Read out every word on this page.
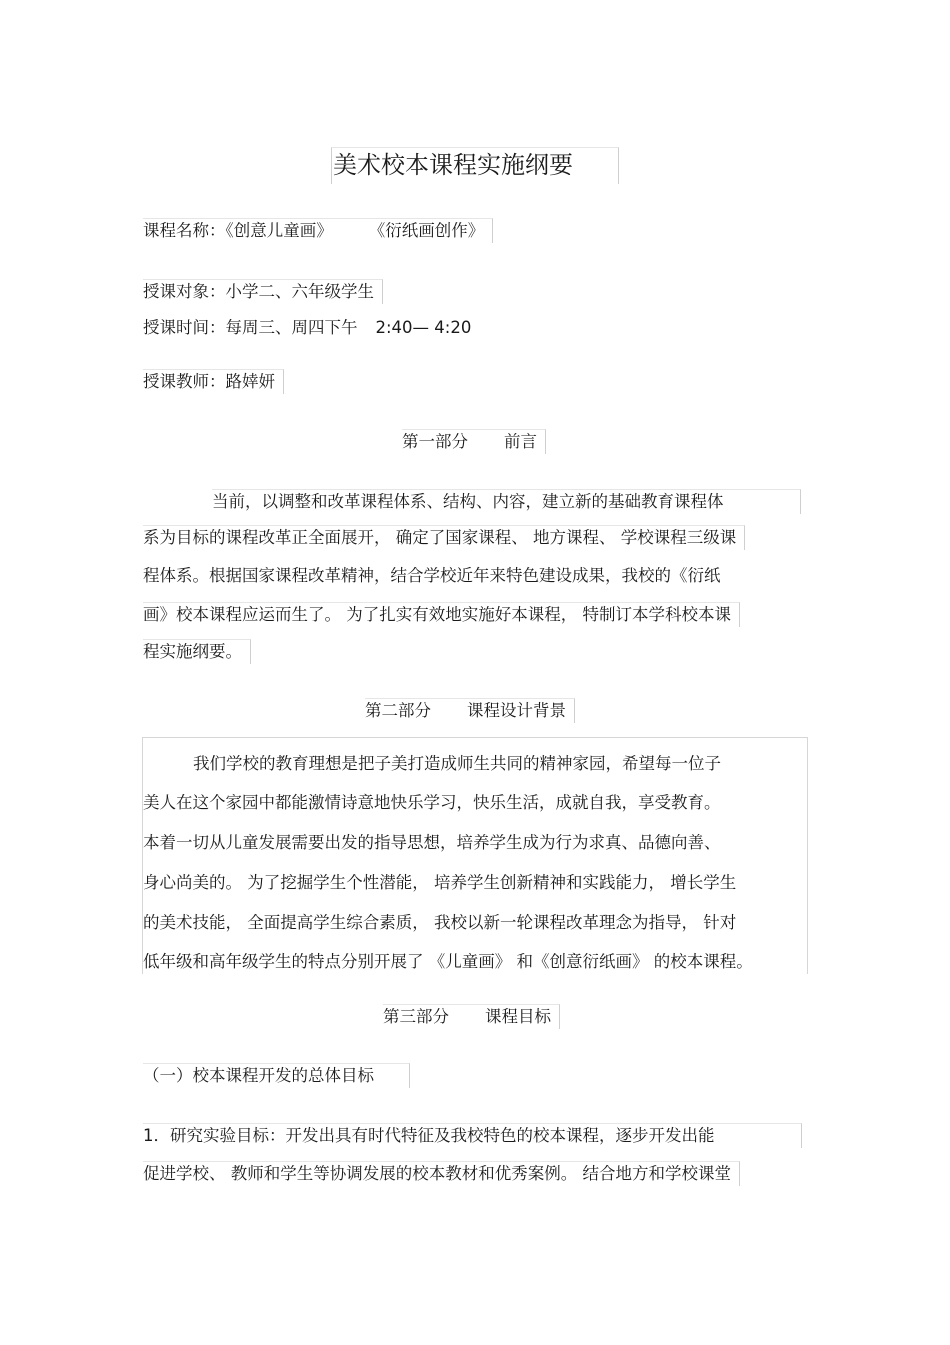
美术校本课程实施纲要
课程名称：《创意儿童画》 《衍纸画创作》
授课对象：小学二、六年级学生
授课时间：每周三、周四下午 2:40— 4:20
授课教师：路婞妍
第一部分 前言
当前，以调整和改革课程体系、结构、内容，建立新的基础教育课程体
系为目标的课程改革正全面展开， 确定了国家课程、 地方课程、 学校课程三级课
程体系。根据国家课程改革精神，结合学校近年来特色建设成果，我校的《衍纸
画》校本课程应运而生了。 为了扎实有效地实施好本课程， 特制订本学科校本课
程实施纲要。
第二部分 课程设计背景
我们学校的教育理想是把子美打造成师生共同的精神家园，希望每一位子
美人在这个家园中都能激情诗意地快乐学习，快乐生活，成就自我，享受教育。
本着一切从儿童发展需要出发的指导思想，培养学生成为行为求真、品德向善、
身心尚美的。 为了挖掘学生个性潜能， 培养学生创新精神和实践能力， 增长学生
的美术技能， 全面提高学生综合素质， 我校以新一轮课程改革理念为指导， 针对
低年级和高年级学生的特点分别开展了 《儿童画》 和《创意衍纸画》 的校本课程。
第三部分 课程目标
（一）校本课程开发的总体目标
1．研究实验目标：开发出具有时代特征及我校特色的校本课程，逐步开发出能
促进学校、 教师和学生等协调发展的校本教材和优秀案例。 结合地方和学校课堂
